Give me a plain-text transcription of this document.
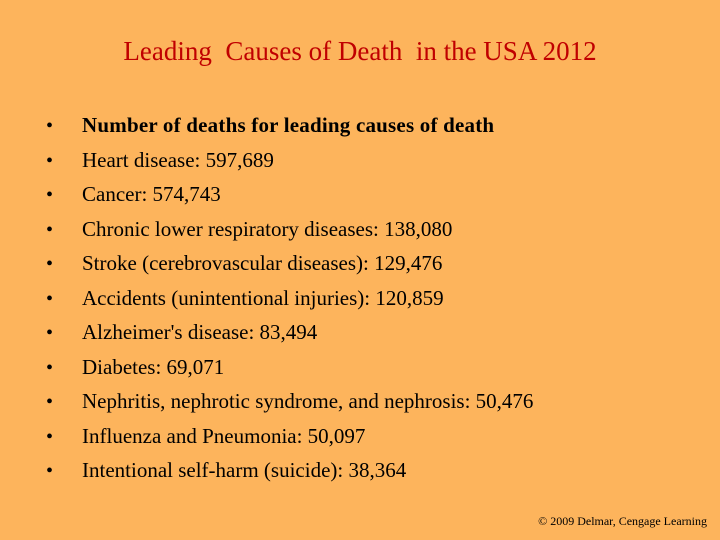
Leading  Causes of Death  in the USA 2012
• Number of deaths for leading causes of death
• Heart disease: 597,689
• Cancer: 574,743
• Chronic lower respiratory diseases: 138,080
• Stroke (cerebrovascular diseases): 129,476
• Accidents (unintentional injuries): 120,859
• Alzheimer's disease: 83,494
• Diabetes: 69,071
• Nephritis, nephrotic syndrome, and nephrosis: 50,476
• Influenza and Pneumonia: 50,097
• Intentional self-harm (suicide): 38,364
© 2009 Delmar, Cengage Learning
